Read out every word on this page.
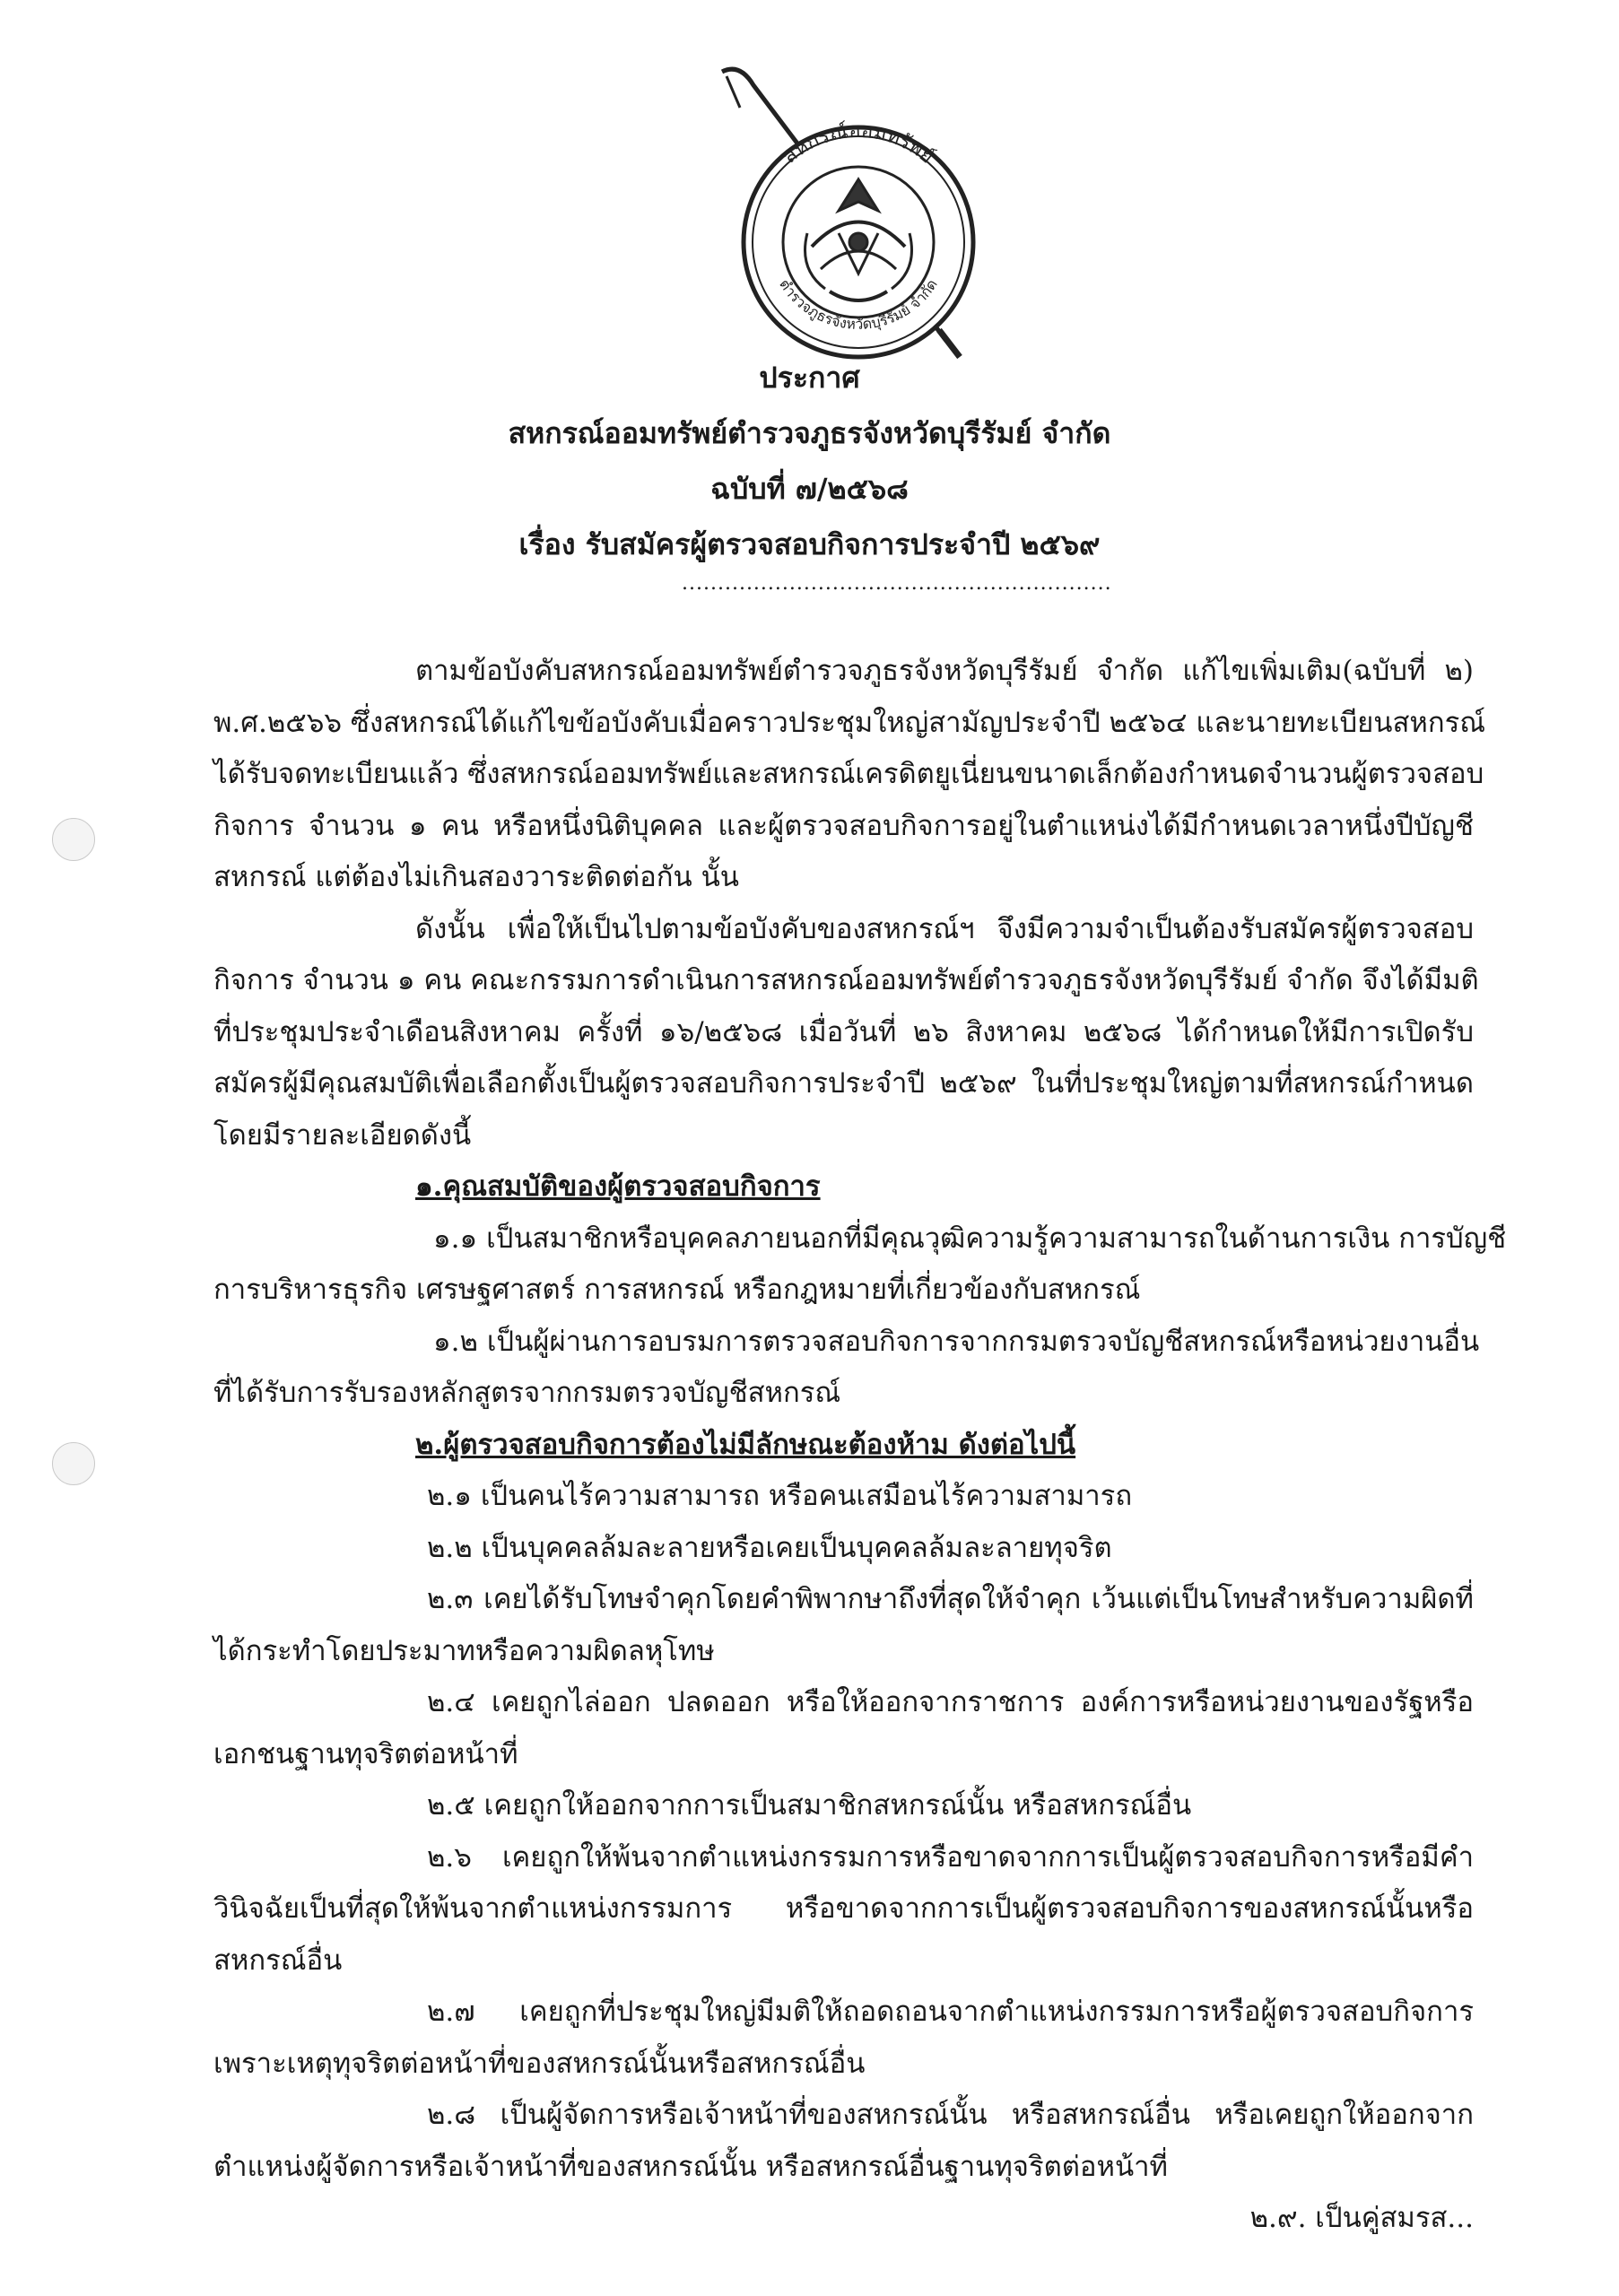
สหกรณ์ออมทรัพย์
ตำรวจภูธรจังหวัดบุรีรัมย์ จำกัด
ประกาศ
สหกรณ์ออมทรัพย์ตำรวจภูธรจังหวัดบุรีรัมย์ จำกัด
ฉบับที่ ๗/๒๕๖๘
เรื่อง รับสมัครผู้ตรวจสอบกิจการประจำปี ๒๕๖๙
............................................................
ตามข้อบังคับสหกรณ์ออมทรัพย์ตำรวจภูธรจังหวัดบุรีรัมย์ จำกัด แก้ไขเพิ่มเติม(ฉบับที่ ๒)
พ.ศ.๒๕๖๖ ซึ่งสหกรณ์ได้แก้ไขข้อบังคับเมื่อคราวประชุมใหญ่สามัญประจำปี ๒๕๖๔ และนายทะเบียนสหกรณ์
ได้รับจดทะเบียนแล้ว ซึ่งสหกรณ์ออมทรัพย์และสหกรณ์เครดิตยูเนี่ยนขนาดเล็กต้องกำหนดจำนวนผู้ตรวจสอบ
กิจการ จำนวน ๑ คน หรือหนึ่งนิติบุคคล และผู้ตรวจสอบกิจการอยู่ในตำแหน่งได้มีกำหนดเวลาหนึ่งปีบัญชี
สหกรณ์ แต่ต้องไม่เกินสองวาระติดต่อกัน นั้น
ดังนั้น เพื่อให้เป็นไปตามข้อบังคับของสหกรณ์ฯ จึงมีความจำเป็นต้องรับสมัครผู้ตรวจสอบ
กิจการ จำนวน ๑ คน คณะกรรมการดำเนินการสหกรณ์ออมทรัพย์ตำรวจภูธรจังหวัดบุรีรัมย์ จำกัด จึงได้มีมติ
ที่ประชุมประจำเดือนสิงหาคม ครั้งที่ ๑๖/๒๕๖๘ เมื่อวันที่ ๒๖ สิงหาคม ๒๕๖๘ ได้กำหนดให้มีการเปิดรับ
สมัครผู้มีคุณสมบัติเพื่อเลือกตั้งเป็นผู้ตรวจสอบกิจการประจำปี ๒๕๖๙ ในที่ประชุมใหญ่ตามที่สหกรณ์กำหนด
โดยมีรายละเอียดดังนี้
๑.คุณสมบัติของผู้ตรวจสอบกิจการ
๑.๑ เป็นสมาชิกหรือบุคคลภายนอกที่มีคุณวุฒิความรู้ความสามารถในด้านการเงิน การบัญชี
การบริหารธุรกิจ เศรษฐศาสตร์ การสหกรณ์ หรือกฎหมายที่เกี่ยวข้องกับสหกรณ์
๑.๒ เป็นผู้ผ่านการอบรมการตรวจสอบกิจการจากกรมตรวจบัญชีสหกรณ์หรือหน่วยงานอื่น
ที่ได้รับการรับรองหลักสูตรจากกรมตรวจบัญชีสหกรณ์
๒.ผู้ตรวจสอบกิจการต้องไม่มีลักษณะต้องห้าม ดังต่อไปนี้
๒.๑ เป็นคนไร้ความสามารถ หรือคนเสมือนไร้ความสามารถ
๒.๒ เป็นบุคคลล้มละลายหรือเคยเป็นบุคคลล้มละลายทุจริต
๒.๓ เคยได้รับโทษจำคุกโดยคำพิพากษาถึงที่สุดให้จำคุก เว้นแต่เป็นโทษสำหรับความผิดที่
ได้กระทำโดยประมาทหรือความผิดลหุโทษ
๒.๔ เคยถูกไล่ออก ปลดออก หรือให้ออกจากราชการ องค์การหรือหน่วยงานของรัฐหรือ
เอกชนฐานทุจริตต่อหน้าที่
๒.๕ เคยถูกให้ออกจากการเป็นสมาชิกสหกรณ์นั้น หรือสหกรณ์อื่น
๒.๖ เคยถูกให้พ้นจากตำแหน่งกรรมการหรือขาดจากการเป็นผู้ตรวจสอบกิจการหรือมีคำ
วินิจฉัยเป็นที่สุดให้พ้นจากตำแหน่งกรรมการ หรือขาดจากการเป็นผู้ตรวจสอบกิจการของสหกรณ์นั้นหรือ
สหกรณ์อื่น
๒.๗ เคยถูกที่ประชุมใหญ่มีมติให้ถอดถอนจากตำแหน่งกรรมการหรือผู้ตรวจสอบกิจการ
เพราะเหตุทุจริตต่อหน้าที่ของสหกรณ์นั้นหรือสหกรณ์อื่น
๒.๘ เป็นผู้จัดการหรือเจ้าหน้าที่ของสหกรณ์นั้น หรือสหกรณ์อื่น หรือเคยถูกให้ออกจาก
ตำแหน่งผู้จัดการหรือเจ้าหน้าที่ของสหกรณ์นั้น หรือสหกรณ์อื่นฐานทุจริตต่อหน้าที่
๒.๙. เป็นคู่สมรส...
